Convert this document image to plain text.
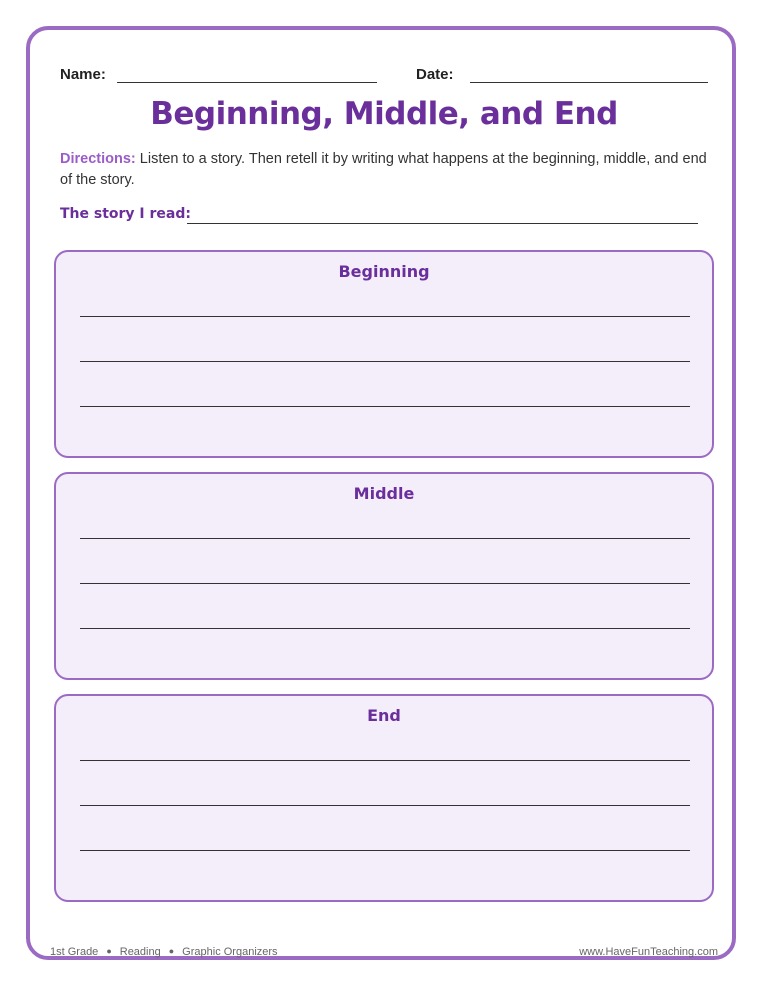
Name:	Date:
Beginning, Middle, and End
Directions: Listen to a story. Then retell it by writing what happens at the beginning, middle, and end of the story.
The story I read:
Beginning
Middle
End
1st Grade ● Reading ● Graphic Organizers	www.HaveFunTeaching.com
